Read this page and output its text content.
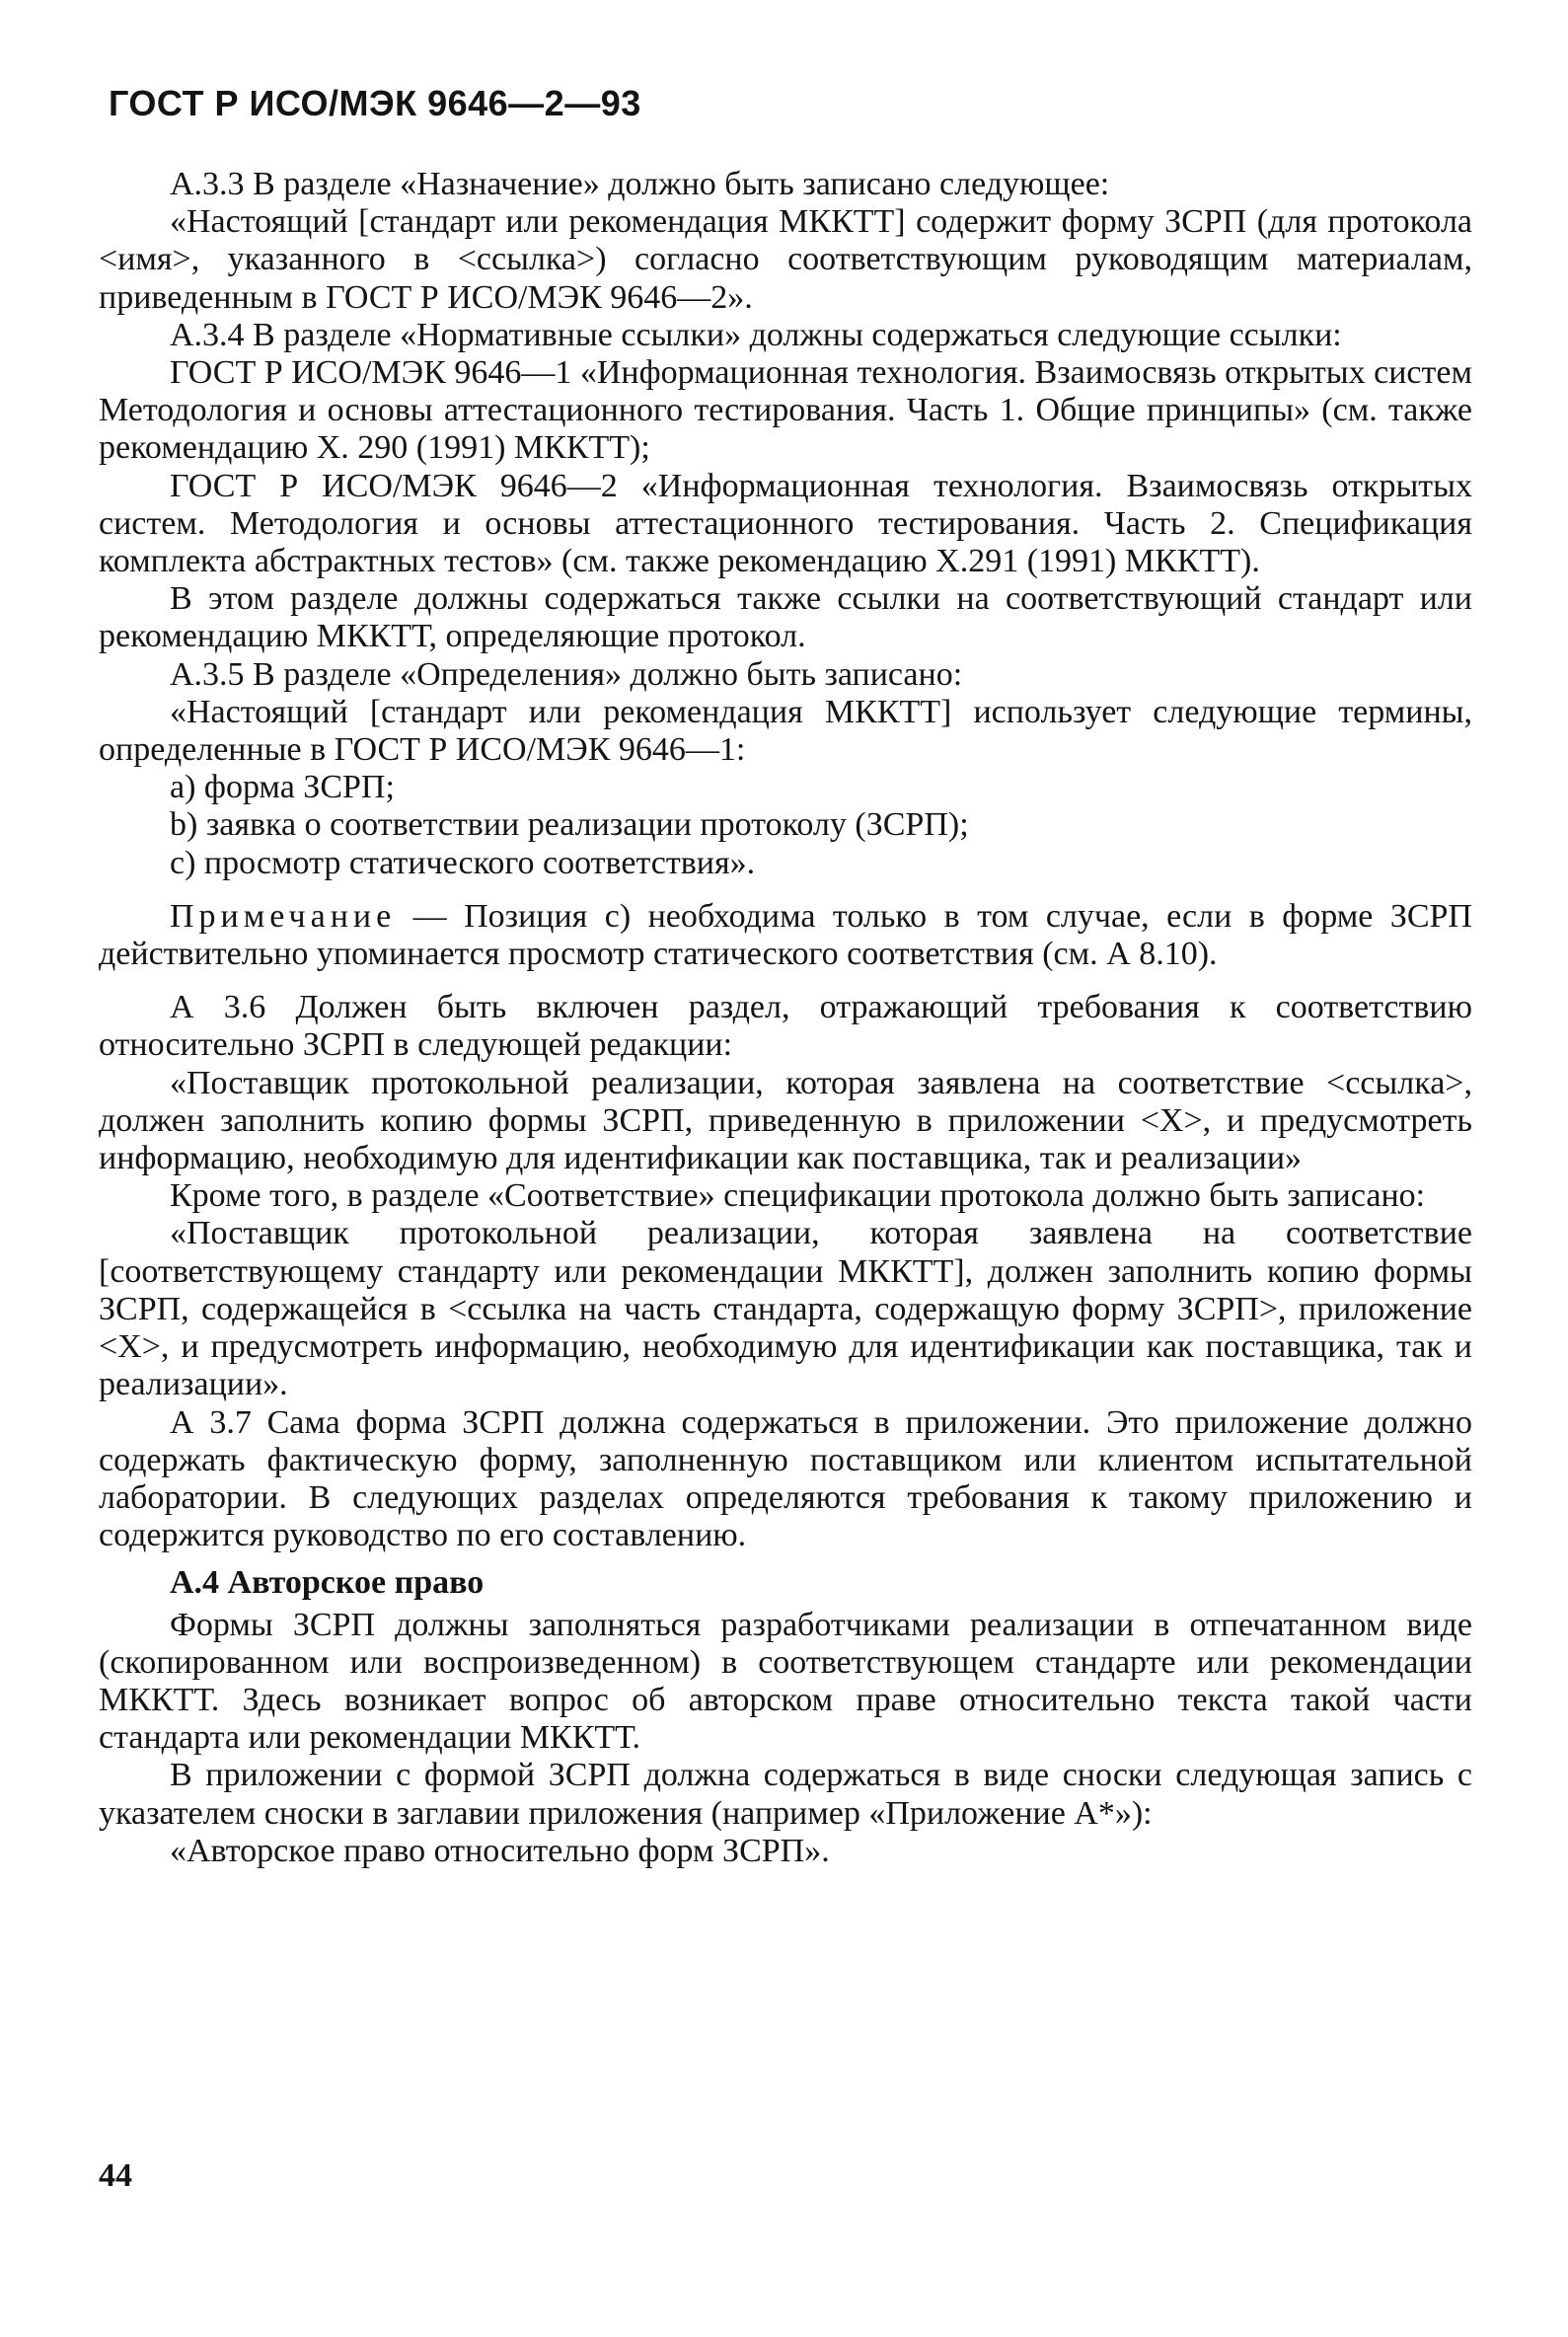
ГОСТ Р ИСО/МЭК 9646—2—93

А.3.3 В разделе «Назначение» должно быть записано следующее:

«Настоящий [стандарт или рекомендация МККТТ] содержит форму ЗСРП (для протокола <имя>, указанного в <ссылка>) согласно соответствующим руководящим материалам, приведенным в ГОСТ Р ИСО/МЭК 9646—2».

А.3.4 В разделе «Нормативные ссылки» должны содержаться следующие ссылки:

ГОСТ Р ИСО/МЭК 9646—1 «Информационная технология. Взаимосвязь открытых систем Методология и основы аттестационного тестирования. Часть 1. Общие принципы» (см. также рекомендацию Х. 290 (1991) МККТТ);

ГОСТ Р ИСО/МЭК 9646—2 «Информационная технология. Взаимосвязь открытых систем. Методология и основы аттестационного тестирования. Часть 2. Спецификация комплекта абстрактных тестов» (см. также рекомендацию Х.291 (1991) МККТТ).

В этом разделе должны содержаться также ссылки на соответствующий стандарт или рекомендацию МККТТ, определяющие протокол.

А.3.5 В разделе «Определения» должно быть записано:

«Настоящий [стандарт или рекомендация МККТТ] использует следующие термины, определенные в ГОСТ Р ИСО/МЭК 9646—1:

a) форма ЗСРП;

b) заявка о соответствии реализации протоколу (ЗСРП);

c) просмотр статического соответствия».

Примечание — Позиция с) необходима только в том случае, если в форме ЗСРП действительно упоминается просмотр статического соответствия (см. А 8.10).

А 3.6 Должен быть включен раздел, отражающий требования к соответствию относительно ЗСРП в следующей редакции:

«Поставщик протокольной реализации, которая заявлена на соответствие <ссылка>, должен заполнить копию формы ЗСРП, приведенную в приложении <Х>, и предусмотреть информацию, необходимую для идентификации как поставщика, так и реализации»

Кроме того, в разделе «Соответствие» спецификации протокола должно быть записано:

«Поставщик протокольной реализации, которая заявлена на соответствие [соответствующему стандарту или рекомендации МККТТ], должен заполнить копию формы ЗСРП, содержащейся в <ссылка на часть стандарта, содержащую форму ЗСРП>, приложение <Х>, и предусмотреть информацию, необходимую для идентификации как поставщика, так и реализации».

А 3.7 Сама форма ЗСРП должна содержаться в приложении. Это приложение должно содержать фактическую форму, заполненную поставщиком или клиентом испытательной лаборатории. В следующих разделах определяются требования к такому приложению и содержится руководство по его составлению.

А.4 Авторское право

Формы ЗСРП должны заполняться разработчиками реализации в отпечатанном виде (скопированном или воспроизведенном) в соответствующем стандарте или рекомендации МККТТ. Здесь возникает вопрос об авторском праве относительно текста такой части стандарта или рекомендации МККТТ.

В приложении с формой ЗСРП должна содержаться в виде сноски следующая запись с указателем сноски в заглавии приложения (например «Приложение А*»):

«Авторское право относительно форм ЗСРП».

44
